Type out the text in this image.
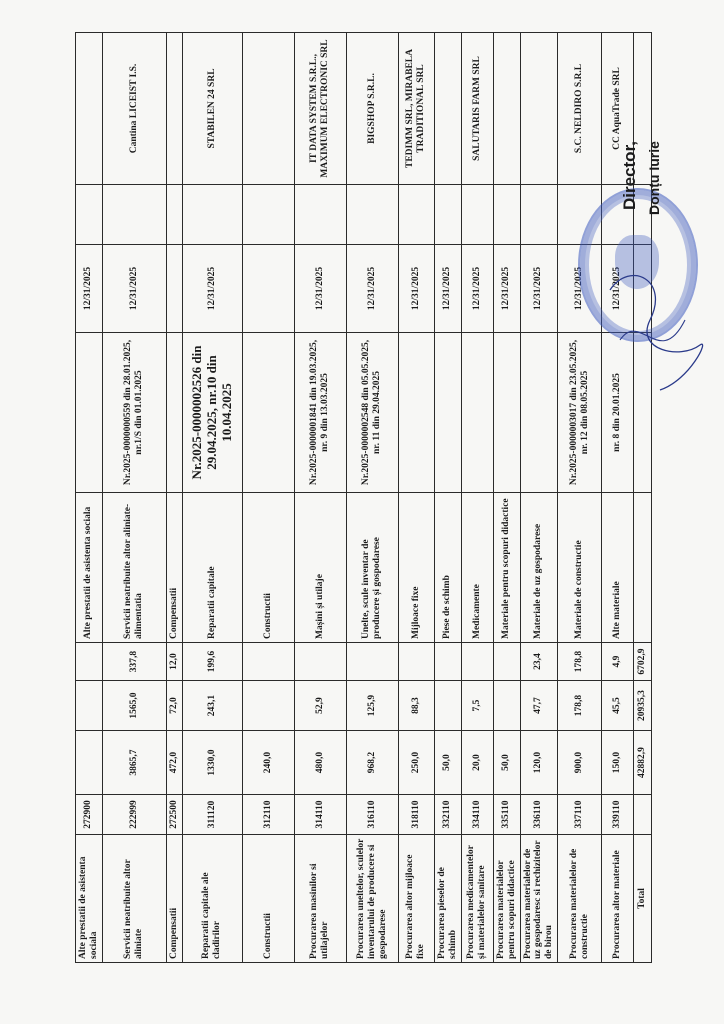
Alte prestatii de asistenta sociala	272900				Alte prestatii de asistenta sociala		12/31/2025		
Servicii neatribuite altor aliniate	222999	3865,7	1565,0	337,8	Servicii neatribuite altor aliniate-alimentatia	Nr.2025-0000000559 din 28.01.2025, nr.1/S din 01.01.2025	12/31/2025		Cantina LICEIST I.S.
Compensatii	272500	472,0	72,0	12,0	Compensatii				
Reparatii capitale ale cladirilor	311120	1330,0	243,1	199,6	Reparatii capitale	Nr.2025-0000002526 din 29.04.2025, nr.10 din 10.04.2025	12/31/2025		STABILEN 24 SRL
Constructii	312110	240,0			Constructii				
Procurarea masinilor si utilajelor	314110	480,0	52,9		Mașini și utilaje	Nr.2025-0000001841 din 19.03.2025, nr. 9 din 13.03.2025	12/31/2025		IT DATA SYSTEM S.R.L., MAXIMUM ELECTRONIC SRL
Procurarea uneltelor, sculelor inventarului de producere si gospodarese	316110	968,2	125,9		Unelte, scule inventar de producere și gospodarese	Nr.2025-0000002548 din 05.05.2025, nr. 11 din 29.04.2025	12/31/2025		BIGSHOP S.R.L.
Procurarea altor mijloace fixe	318110	250,0	88,3		Mijloace fixe		12/31/2025		TEDIMM SRL, MIRABELA TRADITIONAL SRL
Procurarea pieselor de schimb	332110	50,0			Piese de schimb		12/31/2025		
Procurarea medicamentelor și materialelor sanitare	334110	20,0	7,5		Medicamente		12/31/2025		SALUTARIS FARM SRL
Procurarea materialelor pentru scopuri didactice	335110	50,0			Materiale pentru scopuri didactice		12/31/2025		
Procurarea materialelor de uz gospodaresc si rechizitelor de birou	336110	120,0	47,7	23,4	Materiale de uz gospodarese		12/31/2025		
Procurarea materialelor de constructie	337110	900,0	178,8	178,8	Materiale de constructie	Nr.2025-0000003017 din 23.05.2025, nr. 12 din 08.05.2025	12/31/2025		S.C. NELDIRO S.R.L
Procurarea altor materiale	339110	150,0	45,5	4,9	Alte materiale	nr. 8 din 20.01.2025	12/31/2025		CC AquaTrade SRL
Total		42882,9	20935,3	6702,9					
Director, Donțu Iurie
